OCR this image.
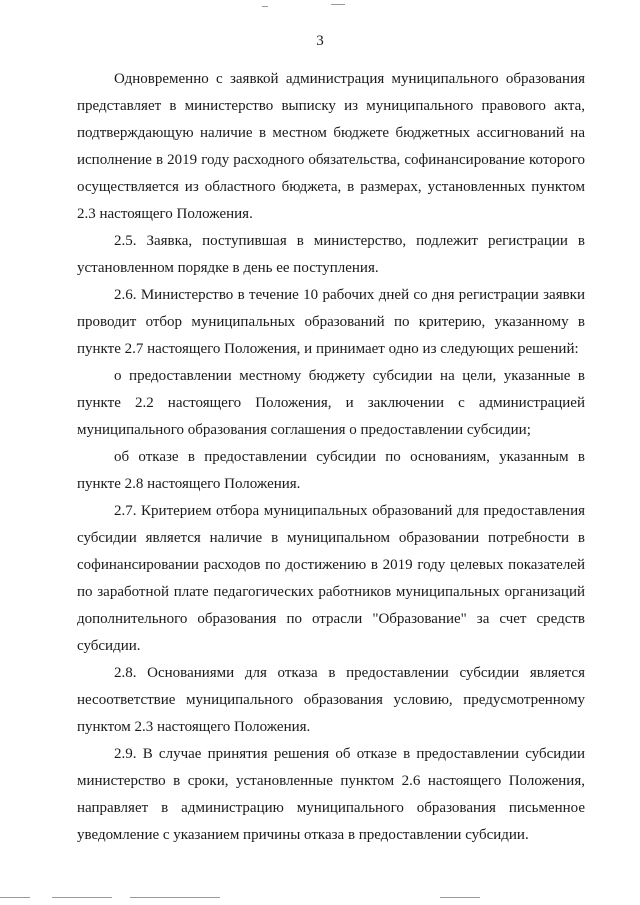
3

Одновременно с заявкой администрация муниципального образования представляет в министерство выписку из муниципального правового акта, подтверждающую наличие в местном бюджете бюджетных ассигнований на исполнение в 2019 году расходного обязательства, софинансирование которого осуществляется из областного бюджета, в размерах, установленных пунктом 2.3 настоящего Положения.

2.5. Заявка, поступившая в министерство, подлежит регистрации в установленном порядке в день ее поступления.

2.6. Министерство в течение 10 рабочих дней со дня регистрации заявки проводит отбор муниципальных образований по критерию, указанному в пункте 2.7 настоящего Положения, и принимает одно из следующих решений:

о предоставлении местному бюджету субсидии на цели, указанные в пункте 2.2 настоящего Положения, и заключении с администрацией муниципального образования соглашения о предоставлении субсидии;

об отказе в предоставлении субсидии по основаниям, указанным в пункте 2.8 настоящего Положения.

2.7. Критерием отбора муниципальных образований для предоставления субсидии является наличие в муниципальном образовании потребности в софинансировании расходов по достижению в 2019 году целевых показателей по заработной плате педагогических работников муниципальных организаций дополнительного образования по отрасли "Образование" за счет средств субсидии.

2.8. Основаниями для отказа в предоставлении субсидии является несоответствие муниципального образования условию, предусмотренному пунктом 2.3 настоящего Положения.

2.9. В случае принятия решения об отказе в предоставлении субсидии министерство в сроки, установленные пунктом 2.6 настоящего Положения, направляет в администрацию муниципального образования письменное уведомление с указанием причины отказа в предоставлении субсидии.
